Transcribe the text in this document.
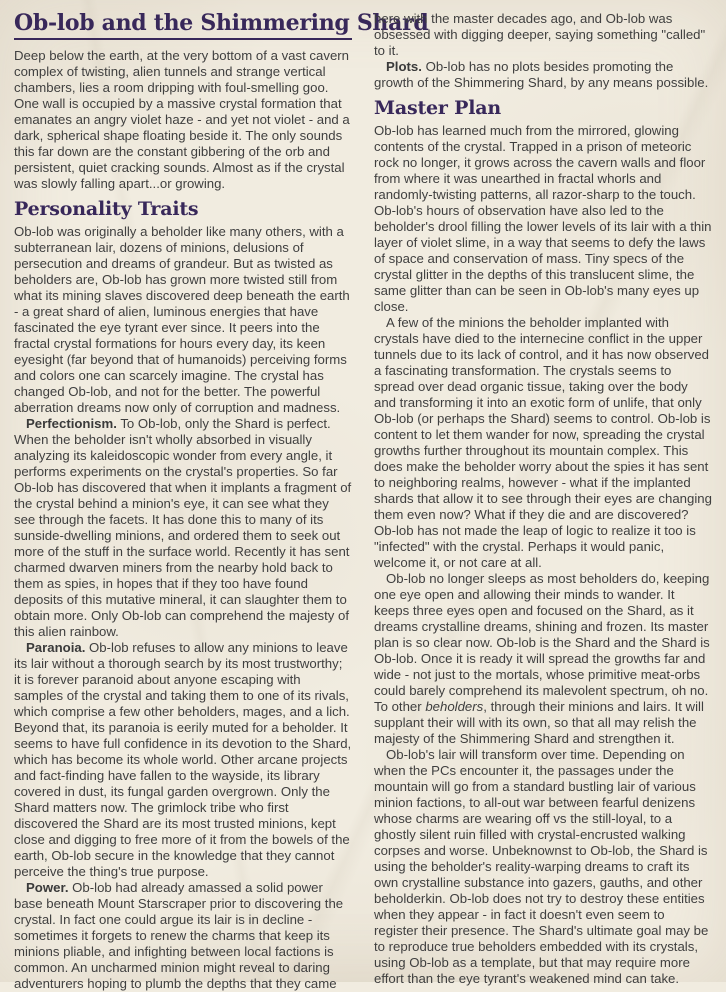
Ob-lob and the Shimmering Shard

Deep below the earth, at the very bottom of a vast cavern complex of twisting, alien tunnels and strange vertical chambers, lies a room dripping with foul-smelling goo. One wall is occupied by a massive crystal formation that emanates an angry violet haze - and yet not violet - and a dark, spherical shape floating beside it. The only sounds this far down are the constant gibbering of the orb and persistent, quiet cracking sounds. Almost as if the crystal was slowly falling apart...or growing.

Personality Traits

Ob-lob was originally a beholder like many others, with a subterranean lair, dozens of minions, delusions of persecution and dreams of grandeur. But as twisted as beholders are, Ob-lob has grown more twisted still from what its mining slaves discovered deep beneath the earth - a great shard of alien, luminous energies that have fascinated the eye tyrant ever since. It peers into the fractal crystal formations for hours every day, its keen eyesight (far beyond that of humanoids) perceiving forms and colors one can scarcely imagine. The crystal has changed Ob-lob, and not for the better. The powerful aberration dreams now only of corruption and madness.

Perfectionism. To Ob-lob, only the Shard is perfect. When the beholder isn't wholly absorbed in visually analyzing its kaleidoscopic wonder from every angle, it performs experiments on the crystal's properties. So far Ob-lob has discovered that when it implants a fragment of the crystal behind a minion's eye, it can see what they see through the facets. It has done this to many of its sunside-dwelling minions, and ordered them to seek out more of the stuff in the surface world. Recently it has sent charmed dwarven miners from the nearby hold back to them as spies, in hopes that if they too have found deposits of this mutative mineral, it can slaughter them to obtain more. Only Ob-lob can comprehend the majesty of this alien rainbow.

Paranoia. Ob-lob refuses to allow any minions to leave its lair without a thorough search by its most trustworthy; it is forever paranoid about anyone escaping with samples of the crystal and taking them to one of its rivals, which comprise a few other beholders, mages, and a lich. Beyond that, its paranoia is eerily muted for a beholder. It seems to have full confidence in its devotion to the Shard, which has become its whole world. Other arcane projects and fact-finding have fallen to the wayside, its library covered in dust, its fungal garden overgrown. Only the Shard matters now. The grimlock tribe who first discovered the Shard are its most trusted minions, kept close and digging to free more of it from the bowels of the earth, Ob-lob secure in the knowledge that they cannot perceive the thing's true purpose.

Power. Ob-lob had already amassed a solid power base beneath Mount Starscraper prior to discovering the crystal. In fact one could argue its lair is in decline - sometimes it forgets to renew the charms that keep its minions pliable, and infighting between local factions is common. An uncharmed minion might reveal to daring adventurers hoping to plumb the depths that they came

here with the master decades ago, and Ob-lob was obsessed with digging deeper, saying something "called" to it.

Plots. Ob-lob has no plots besides promoting the growth of the Shimmering Shard, by any means possible.

Master Plan

Ob-lob has learned much from the mirrored, glowing contents of the crystal. Trapped in a prison of meteoric rock no longer, it grows across the cavern walls and floor from where it was unearthed in fractal whorls and randomly-twisting patterns, all razor-sharp to the touch. Ob-lob's hours of observation have also led to the beholder's drool filling the lower levels of its lair with a thin layer of violet slime, in a way that seems to defy the laws of space and conservation of mass. Tiny specs of the crystal glitter in the depths of this translucent slime, the same glitter than can be seen in Ob-lob's many eyes up close.

A few of the minions the beholder implanted with crystals have died to the internecine conflict in the upper tunnels due to its lack of control, and it has now observed a fascinating transformation. The crystals seems to spread over dead organic tissue, taking over the body and transforming it into an exotic form of unlife, that only Ob-lob (or perhaps the Shard) seems to control. Ob-lob is content to let them wander for now, spreading the crystal growths further throughout its mountain complex. This does make the beholder worry about the spies it has sent to neighboring realms, however - what if the implanted shards that allow it to see through their eyes are changing them even now? What if they die and are discovered? Ob-lob has not made the leap of logic to realize it too is "infected" with the crystal. Perhaps it would panic, welcome it, or not care at all.

Ob-lob no longer sleeps as most beholders do, keeping one eye open and allowing their minds to wander. It keeps three eyes open and focused on the Shard, as it dreams crystalline dreams, shining and frozen. Its master plan is so clear now. Ob-lob is the Shard and the Shard is Ob-lob. Once it is ready it will spread the growths far and wide - not just to the mortals, whose primitive meat-orbs could barely comprehend its malevolent spectrum, oh no. To other beholders, through their minions and lairs. It will supplant their will with its own, so that all may relish the majesty of the Shimmering Shard and strengthen it.

Ob-lob's lair will transform over time. Depending on when the PCs encounter it, the passages under the mountain will go from a standard bustling lair of various minion factions, to all-out war between fearful denizens whose charms are wearing off vs the still-loyal, to a ghostly silent ruin filled with crystal-encrusted walking corpses and worse. Unbeknownst to Ob-lob, the Shard is using the beholder's reality-warping dreams to craft its own crystalline substance into gazers, gauths, and other beholderkin. Ob-lob does not try to destroy these entities when they appear - in fact it doesn't even seem to register their presence. The Shard's ultimate goal may be to reproduce true beholders embedded with its crystals, using Ob-lob as a template, but that may require more effort than the eye tyrant's weakened mind can take.
